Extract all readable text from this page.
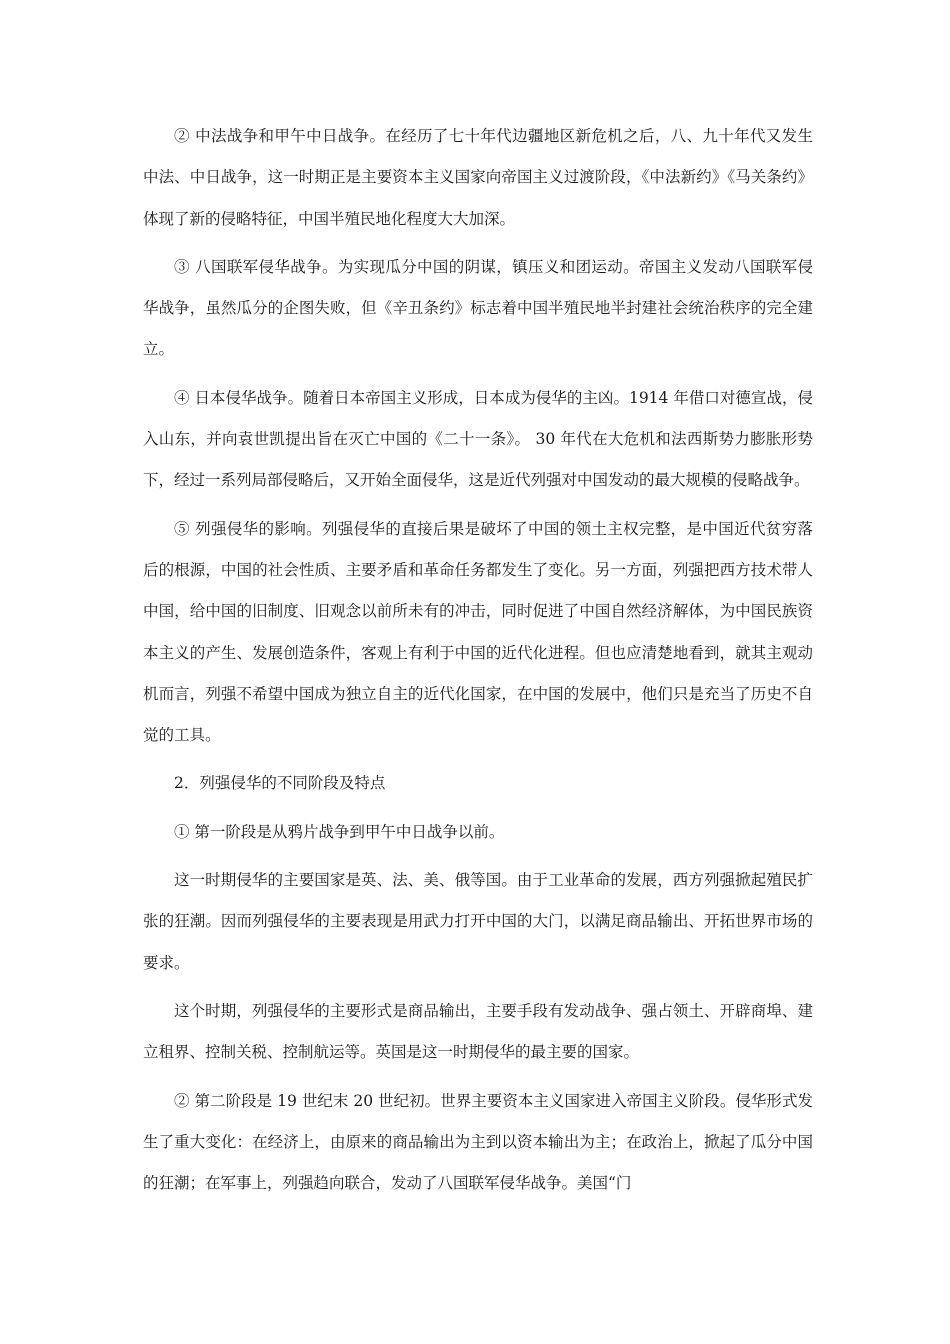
② 中法战争和甲午中日战争。在经历了七十年代边疆地区新危机之后，八、九十年代又发生中法、中日战争，这一时期正是主要资本主义国家向帝国主义过渡阶段，《中法新约》《马关条约》体现了新的侵略特征，中国半殖民地化程度大大加深。

③ 八国联军侵华战争。为实现瓜分中国的阴谋，镇压义和团运动。帝国主义发动八国联军侵华战争，虽然瓜分的企图失败，但《辛丑条约》标志着中国半殖民地半封建社会统治秩序的完全建立。

④ 日本侵华战争。随着日本帝国主义形成，日本成为侵华的主凶。1914 年借口对德宣战，侵入山东，并向袁世凯提出旨在灭亡中国的《二十一条》。 30 年代在大危机和法西斯势力膨胀形势下，经过一系列局部侵略后，又开始全面侵华，这是近代列强对中国发动的最大规模的侵略战争。

⑤ 列强侵华的影响。列强侵华的直接后果是破坏了中国的领土主权完整，是中国近代贫穷落后的根源，中国的社会性质、主要矛盾和革命任务都发生了变化。另一方面，列强把西方技术带人中国，给中国的旧制度、旧观念以前所未有的冲击，同时促进了中国自然经济解体，为中国民族资本主义的产生、发展创造条件，客观上有利于中国的近代化进程。但也应清楚地看到，就其主观动机而言，列强不希望中国成为独立自主的近代化国家，在中国的发展中，他们只是充当了历史不自觉的工具。

2．列强侵华的不同阶段及特点

① 第一阶段是从鸦片战争到甲午中日战争以前。

这一时期侵华的主要国家是英、法、美、俄等国。由于工业革命的发展，西方列强掀起殖民扩张的狂潮。因而列强侵华的主要表现是用武力打开中国的大门，以满足商品输出、开拓世界市场的要求。

这个时期，列强侵华的主要形式是商品输出，主要手段有发动战争、强占领土、开辟商埠、建立租界、控制关税、控制航运等。英国是这一时期侵华的最主要的国家。

② 第二阶段是 19 世纪末 20 世纪初。世界主要资本主义国家进入帝国主义阶段。侵华形式发生了重大变化：在经济上，由原来的商品输出为主到以资本输出为主；在政治上，掀起了瓜分中国的狂潮；在军事上，列强趋向联合，发动了八国联军侵华战争。美国“门
